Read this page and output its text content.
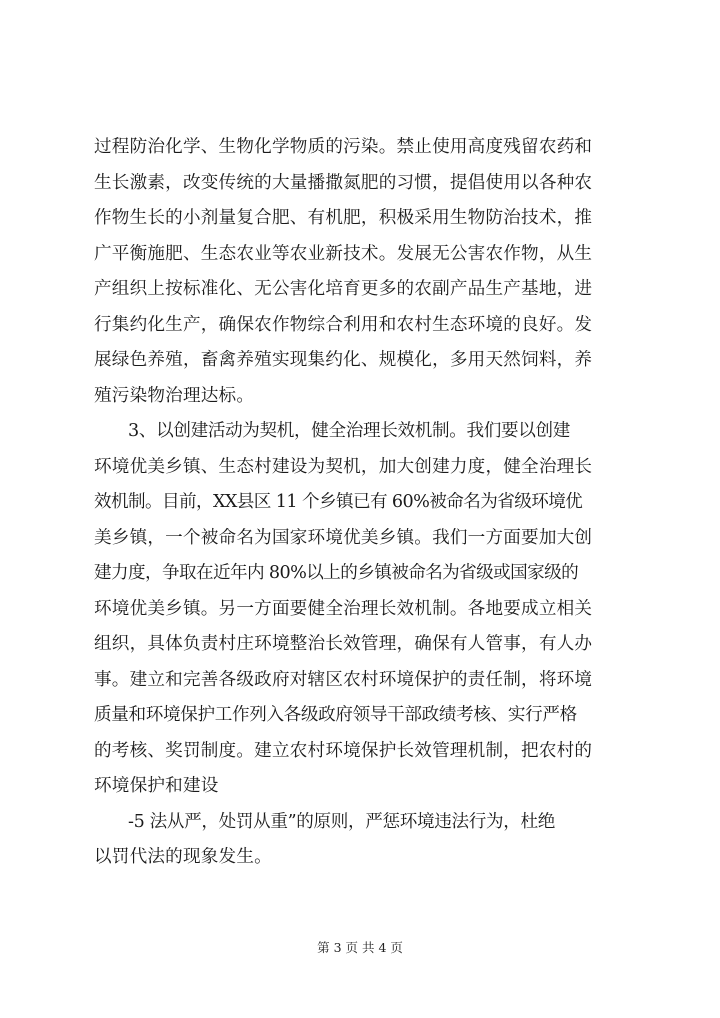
过程防治化学、生物化学物质的污染。禁止使用高度残留农药和
生长激素，改变传统的大量播撒氮肥的习惯，提倡使用以各种农
作物生长的小剂量复合肥、有机肥，积极采用生物防治技术，推
广平衡施肥、生态农业等农业新技术。发展无公害农作物，从生
产组织上按标准化、无公害化培育更多的农副产品生产基地，进
行集约化生产，确保农作物综合利用和农村生态环境的良好。发
展绿色养殖，畜禽养殖实现集约化、规模化，多用天然饲料，养
殖污染物治理达标。
3、以创建活动为契机，健全治理长效机制。我们要以创建
环境优美乡镇、生态村建设为契机，加大创建力度，健全治理长
效机制。目前，XX县区 11 个乡镇已有 60%被命名为省级环境优
美乡镇，一个被命名为国家环境优美乡镇。我们一方面要加大创
建力度，争取在近年内 80%以上的乡镇被命名为省级或国家级的
环境优美乡镇。另一方面要健全治理长效机制。各地要成立相关
组织，具体负责村庄环境整治长效管理，确保有人管事，有人办
事。建立和完善各级政府对辖区农村环境保护的责任制，将环境
质量和环境保护工作列入各级政府领导干部政绩考核、实行严格
的考核、奖罚制度。建立农村环境保护长效管理机制，把农村的
环境保护和建设
-5 法从严，处罚从重”的原则，严惩环境违法行为，杜绝
以罚代法的现象发生。
第 3 页 共 4 页
